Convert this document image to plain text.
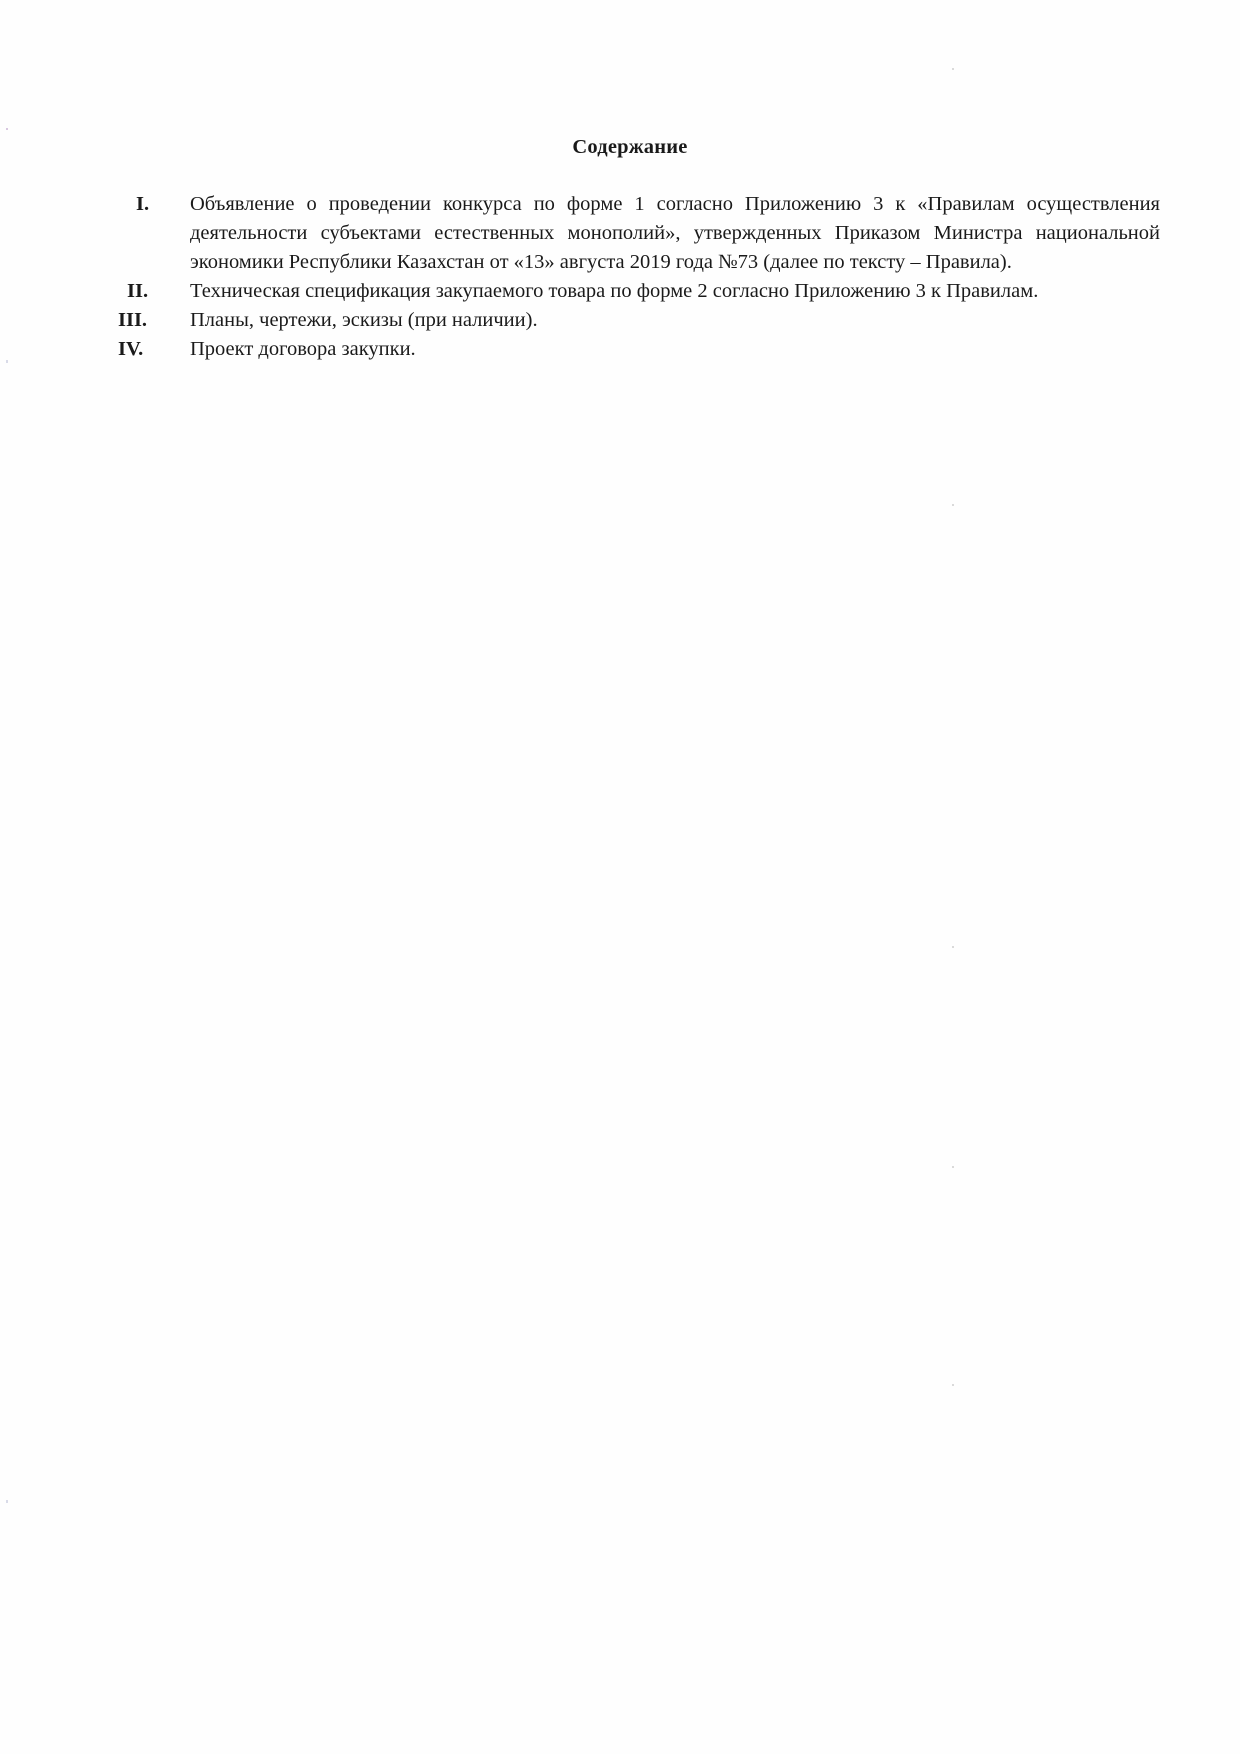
Содержание
I.	Объявление о проведении конкурса по форме 1 согласно Приложению 3 к «Правилам осуществления деятельности субъектами естественных монополий», утвержденных Приказом Министра национальной экономики Республики Казахстан от «13» августа 2019 года №73 (далее по тексту – Правила).
II.	Техническая спецификация закупаемого товара по форме 2 согласно Приложению 3 к Правилам.
III.	Планы, чертежи, эскизы (при наличии).
IV.	Проект договора закупки.
